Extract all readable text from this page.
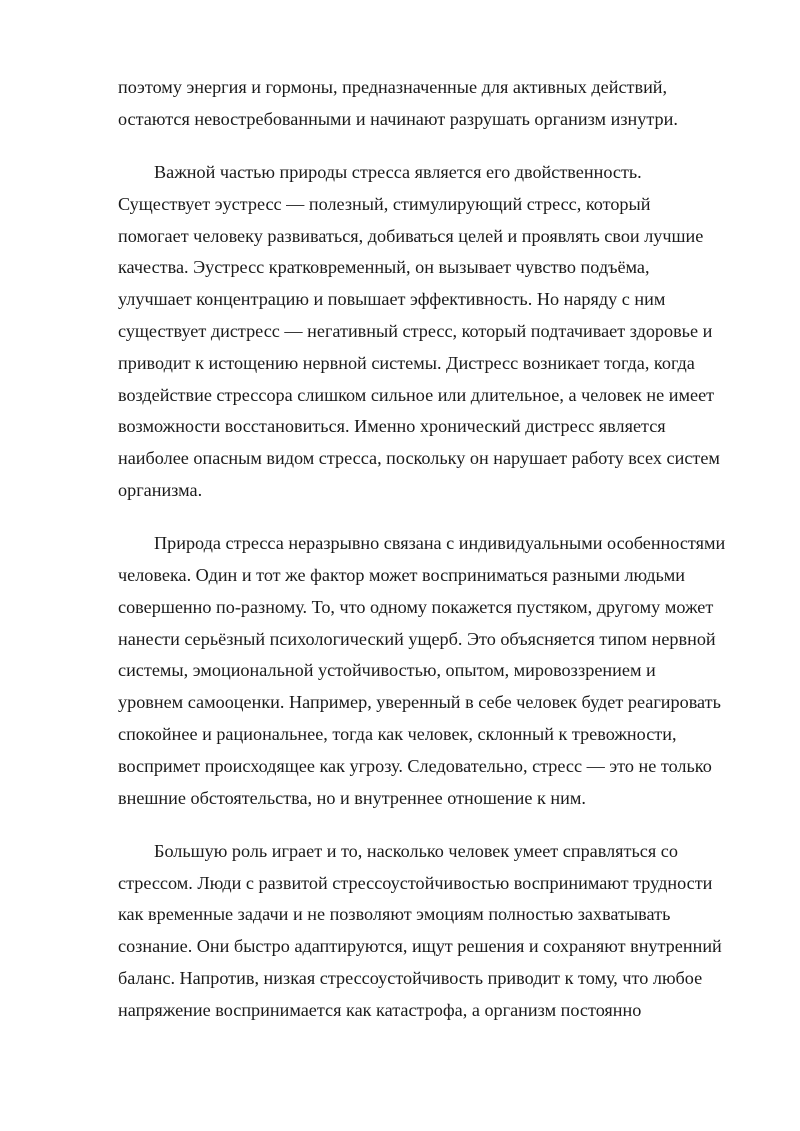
поэтому энергия и гормоны, предназначенные для активных действий,
остаются невостребованными и начинают разрушать организм изнутри.
Важной частью природы стресса является его двойственность.
Существует эустресс — полезный, стимулирующий стресс, который
помогает человеку развиваться, добиваться целей и проявлять свои лучшие
качества. Эустресс кратковременный, он вызывает чувство подъёма,
улучшает концентрацию и повышает эффективность. Но наряду с ним
существует дистресс — негативный стресс, который подтачивает здоровье и
приводит к истощению нервной системы. Дистресс возникает тогда, когда
воздействие стрессора слишком сильное или длительное, а человек не имеет
возможности восстановиться. Именно хронический дистресс является
наиболее опасным видом стресса, поскольку он нарушает работу всех систем
организма.
Природа стресса неразрывно связана с индивидуальными особенностями
человека. Один и тот же фактор может восприниматься разными людьми
совершенно по-разному. То, что одному покажется пустяком, другому может
нанести серьёзный психологический ущерб. Это объясняется типом нервной
системы, эмоциональной устойчивостью, опытом, мировоззрением и
уровнем самооценки. Например, уверенный в себе человек будет реагировать
спокойнее и рациональнее, тогда как человек, склонный к тревожности,
воспримет происходящее как угрозу. Следовательно, стресс — это не только
внешние обстоятельства, но и внутреннее отношение к ним.
Большую роль играет и то, насколько человек умеет справляться со
стрессом. Люди с развитой стрессоустойчивостью воспринимают трудности
как временные задачи и не позволяют эмоциям полностью захватывать
сознание. Они быстро адаптируются, ищут решения и сохраняют внутренний
баланс. Напротив, низкая стрессоустойчивость приводит к тому, что любое
напряжение воспринимается как катастрофа, а организм постоянно
